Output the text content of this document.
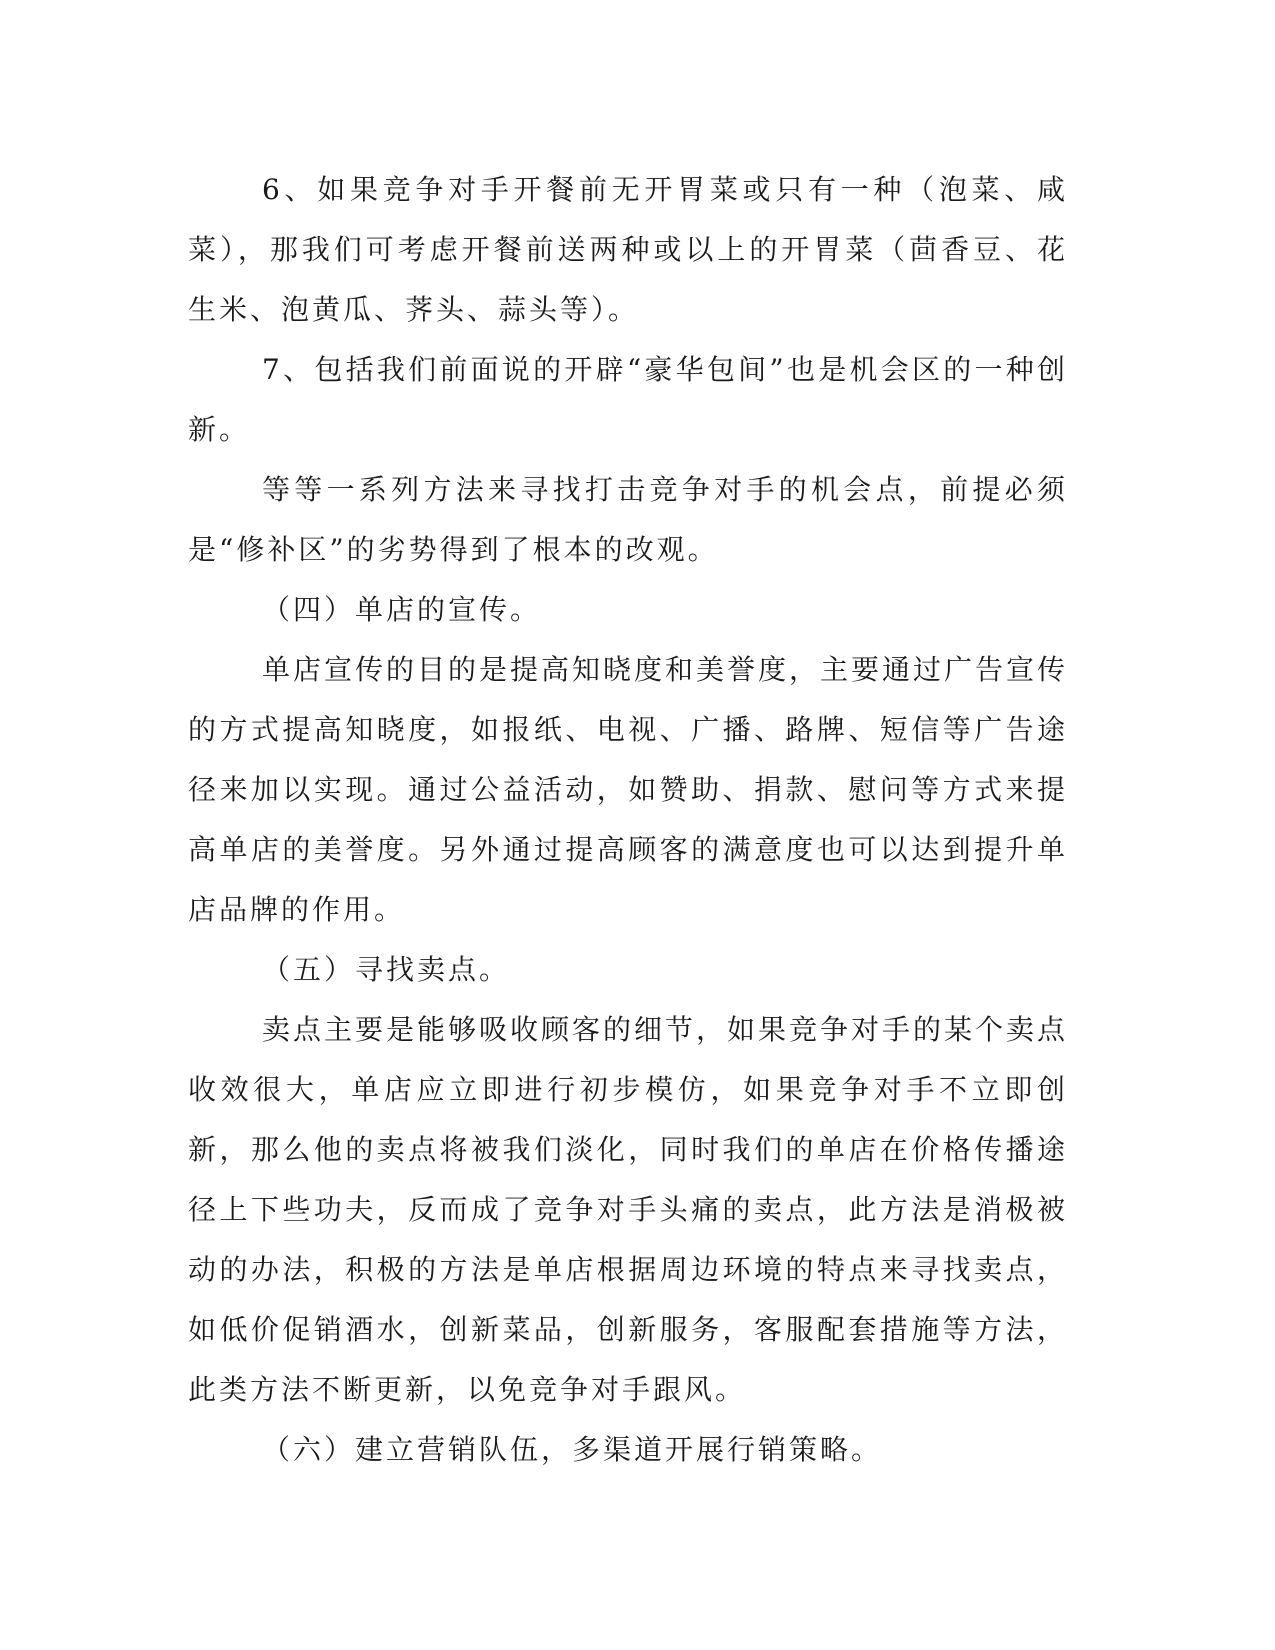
6、如果竞争对手开餐前无开胃菜或只有一种（泡菜、咸菜），那我们可考虑开餐前送两种或以上的开胃菜（茴香豆、花生米、泡黄瓜、荠头、蒜头等）。

7、包括我们前面说的开辟“豪华包间”也是机会区的一种创新。

等等一系列方法来寻找打击竞争对手的机会点，前提必须是“修补区”的劣势得到了根本的改观。

（四）单店的宣传。

单店宣传的目的是提高知晓度和美誉度，主要通过广告宣传的方式提高知晓度，如报纸、电视、广播、路牌、短信等广告途径来加以实现。通过公益活动，如赞助、捐款、慰问等方式来提高单店的美誉度。另外通过提高顾客的满意度也可以达到提升单店品牌的作用。

（五）寻找卖点。

卖点主要是能够吸收顾客的细节，如果竞争对手的某个卖点收效很大，单店应立即进行初步模仿，如果竞争对手不立即创新，那么他的卖点将被我们淡化，同时我们的单店在价格传播途径上下些功夫，反而成了竞争对手头痛的卖点，此方法是消极被动的办法，积极的方法是单店根据周边环境的特点来寻找卖点，如低价促销酒水，创新菜品，创新服务，客服配套措施等方法，此类方法不断更新，以免竞争对手跟风。

（六）建立营销队伍，多渠道开展行销策略。
